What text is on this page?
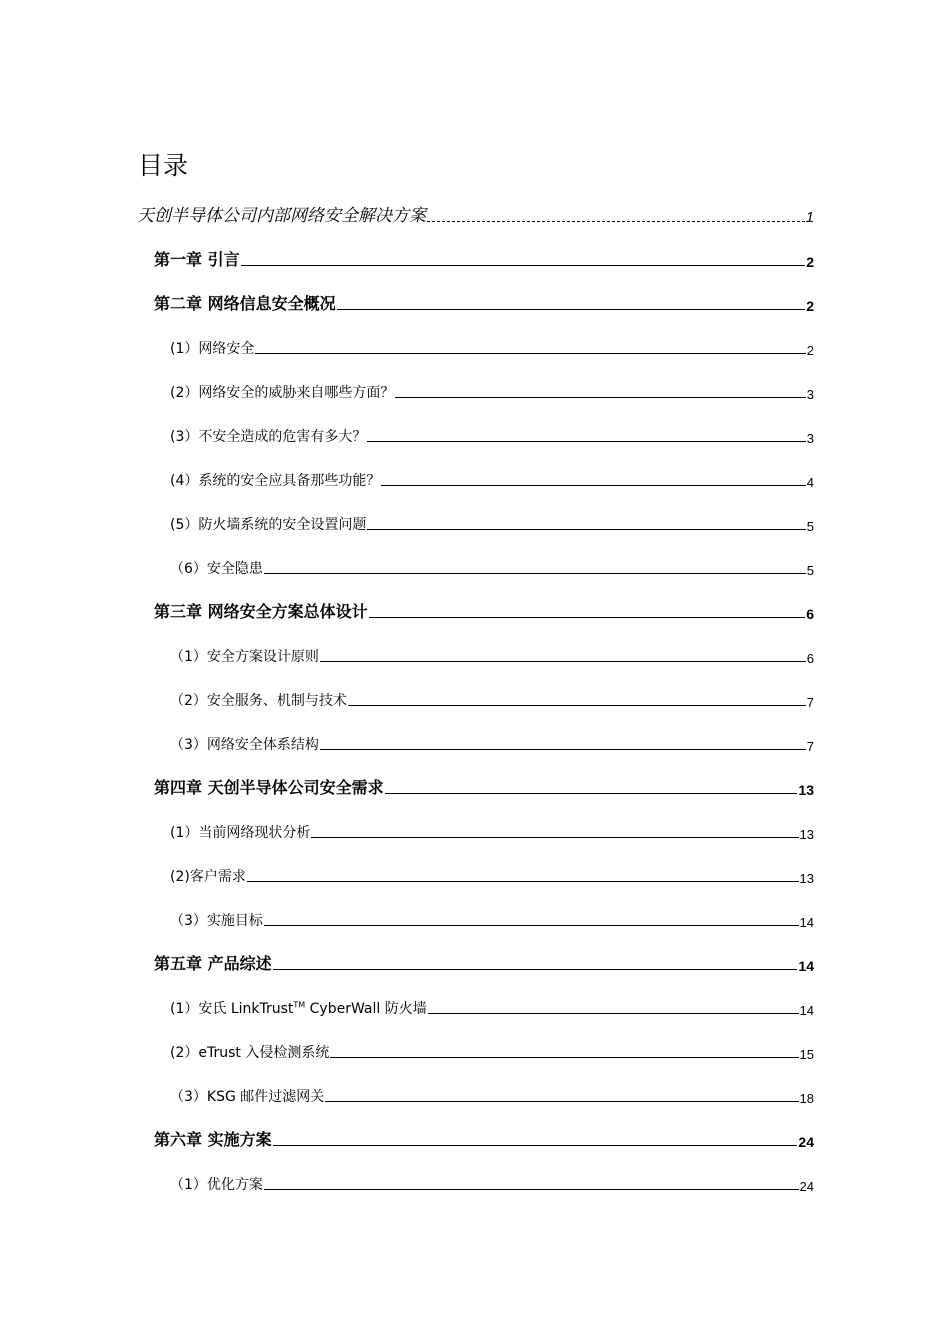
目录
天创半导体公司内部网络安全解决方案	1
第一章 引言	2
第二章 网络信息安全概况	2
(1）网络安全	2
(2）网络安全的威胁来自哪些方面？	3
(3）不安全造成的危害有多大？	3
(4）系统的安全应具备那些功能？	4
(5）防火墙系统的安全设置问题	5
（6）安全隐患	5
第三章 网络安全方案总体设计	6
（1）安全方案设计原则	6
（2）安全服务、机制与技术	7
（3）网络安全体系结构	7
第四章 天创半导体公司安全需求	13
(1）当前网络现状分析	13
(2)客户需求	13
（3）实施目标	14
第五章 产品综述	14
(1）安氏 LinkTrust™ CyberWall 防火墙	14
(2）eTrust 入侵检测系统	15
（3）KSG 邮件过滤网关	18
第六章 实施方案	24
（1）优化方案	24
